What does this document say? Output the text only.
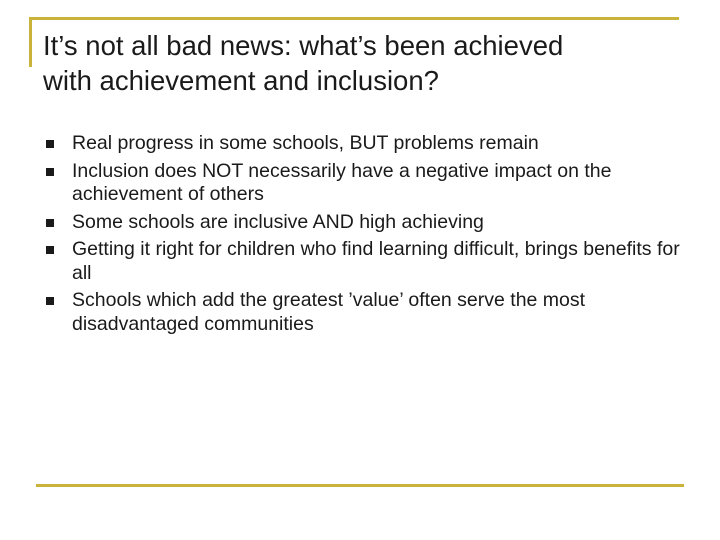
It’s not all bad news: what’s been achieved
with achievement and inclusion?
Real progress in some schools, BUT problems remain
Inclusion does NOT necessarily have a negative impact on the achievement of others
Some schools are inclusive AND high achieving
Getting it right for children who find learning difficult, brings benefits for all
Schools which add the greatest ’value’ often serve the most disadvantaged communities
